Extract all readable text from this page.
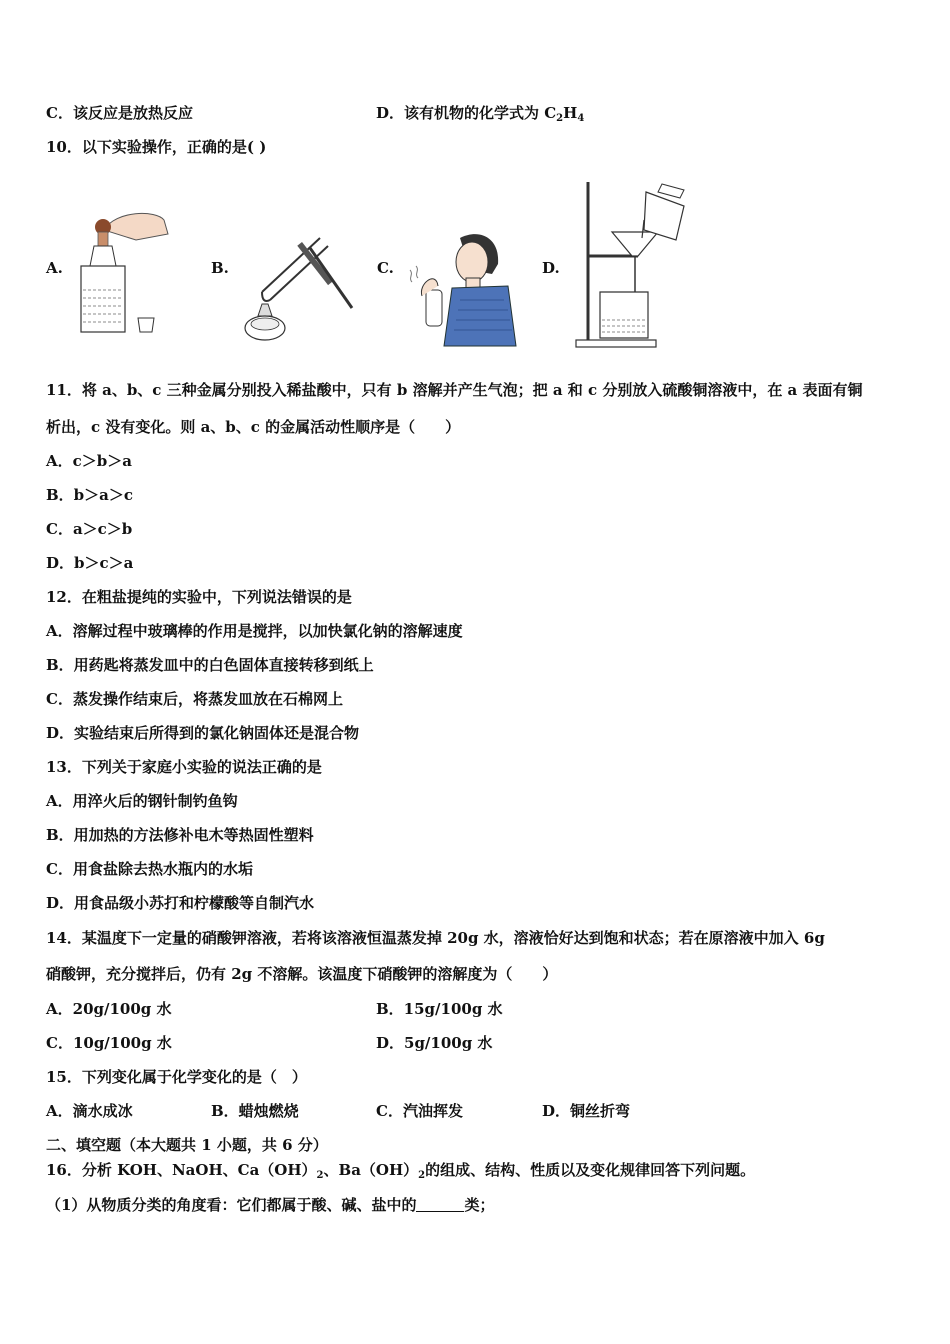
C．该反应是放热反应	D．该有机物的化学式为 $C_2H_4$
10．以下实验操作，正确的是( )
A.	B.	C.	D.
11．将 a、b、c 三种金属分别投入稀盐酸中，只有 b 溶解并产生气泡；把 a 和 c 分别放入硫酸铜溶液中，在 a 表面有铜
析出，c 没有变化。则 a、b、c 的金属活动性顺序是（　　）
A．c＞b＞a
B．b＞a＞c
C．a＞c＞b
D．b＞c＞a
12．在粗盐提纯的实验中，下列说法错误的是
A．溶解过程中玻璃棒的作用是搅拌，以加快氯化钠的溶解速度
B．用药匙将蒸发皿中的白色固体直接转移到纸上
C．蒸发操作结束后，将蒸发皿放在石棉网上
D．实验结束后所得到的氯化钠固体还是混合物
13．下列关于家庭小实验的说法正确的是
A．用淬火后的钢针制钓鱼钩
B．用加热的方法修补电木等热固性塑料
C．用食盐除去热水瓶内的水垢
D．用食品级小苏打和柠檬酸等自制汽水
14．某温度下一定量的硝酸钾溶液，若将该溶液恒温蒸发掉 20g 水，溶液恰好达到饱和状态；若在原溶液中加入 6g
硝酸钾，充分搅拌后，仍有 2g 不溶解。该温度下硝酸钾的溶解度为（　　）
A．20g/100g 水	B．15g/100g 水
C．10g/100g 水	D．5g/100g 水
15．下列变化属于化学变化的是（　）
A．滴水成冰	B．蜡烛燃烧	C．汽油挥发	D．铜丝折弯
二、填空题（本大题共 1 小题，共 6 分）
16．分析 KOH、NaOH、$Ca(OH)_2$、$Ba(OH)_2$的组成、结构、性质以及变化规律回答下列问题。
（1）从物质分类的角度看：它们都属于酸、碱、盐中的	类；
